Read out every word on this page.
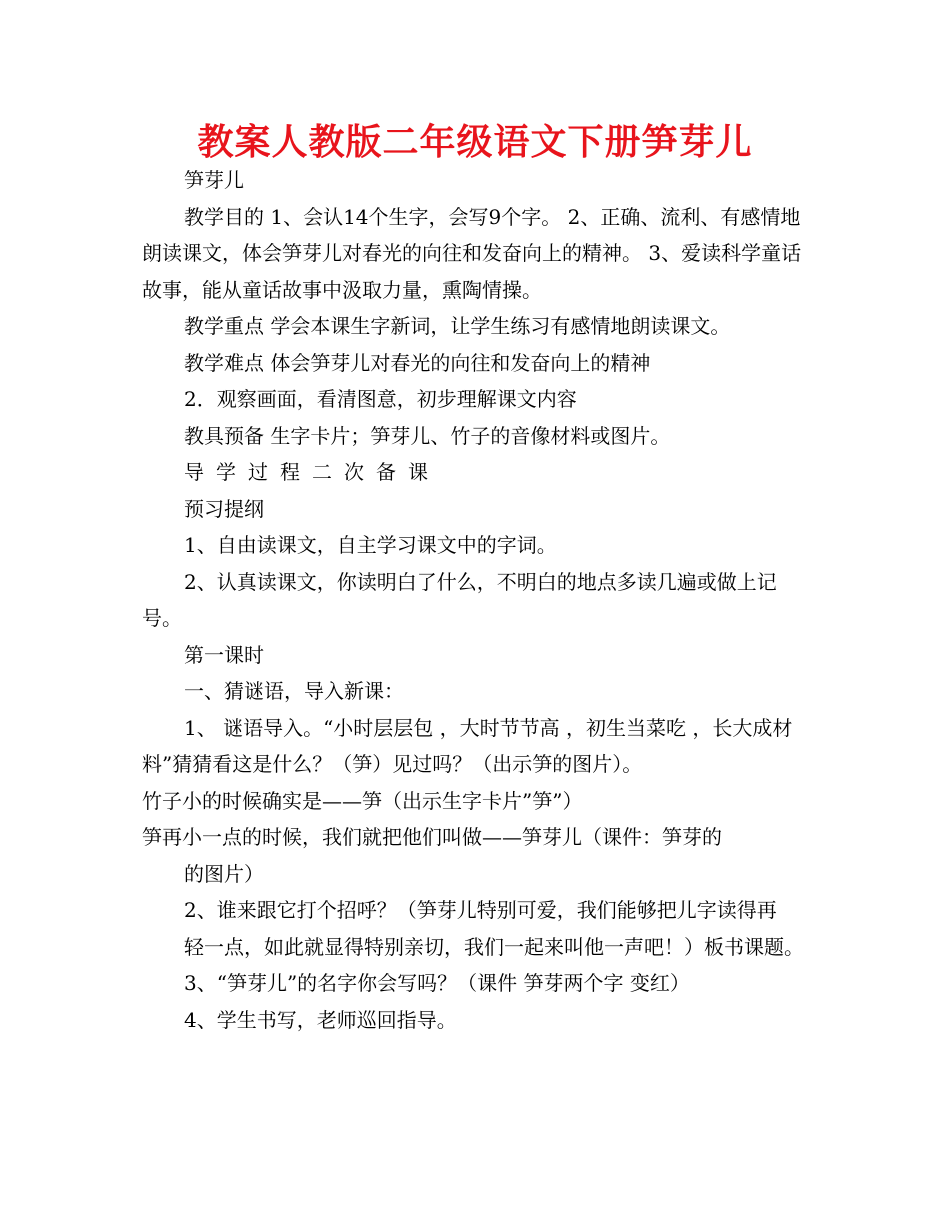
教案人教版二年级语文下册笋芽儿

笋芽儿

教学目的 1、会认14个生字，会写9个字。 2、正确、流利、有感情地朗读课文，体会笋芽儿对春光的向往和发奋向上的精神。 3、爱读科学童话故事，能从童话故事中汲取力量，熏陶情操。

教学重点 学会本课生字新词，让学生练习有感情地朗读课文。

教学难点 体会笋芽儿对春光的向往和发奋向上的精神

2．观察画面，看清图意，初步理解课文内容

教具预备 生字卡片；笋芽儿、竹子的音像材料或图片。

导学过程二次备课

预习提纲

1、自由读课文，自主学习课文中的字词。

2、认真读课文，你读明白了什么，不明白的地点多读几遍或做上记号。

第一课时

一、猜谜语，导入新课：

1、 谜语导入。“小时层层包 ，大时节节高 ，初生当菜吃 ，长大成材料”猜猜看这是什么？（笋）见过吗？（出示笋的图片）。

竹子小的时候确实是——笋（出示生字卡片”笋”）

笋再小一点的时候，我们就把他们叫做——笋芽儿（课件：笋芽的

的图片）

2、谁来跟它打个招呼？（笋芽儿特别可爱，我们能够把儿字读得再

轻一点，如此就显得特别亲切，我们一起来叫他一声吧！）板书课题。

3、“笋芽儿”的名字你会写吗？（课件 笋芽两个字 变红）

4、学生书写，老师巡回指导。
